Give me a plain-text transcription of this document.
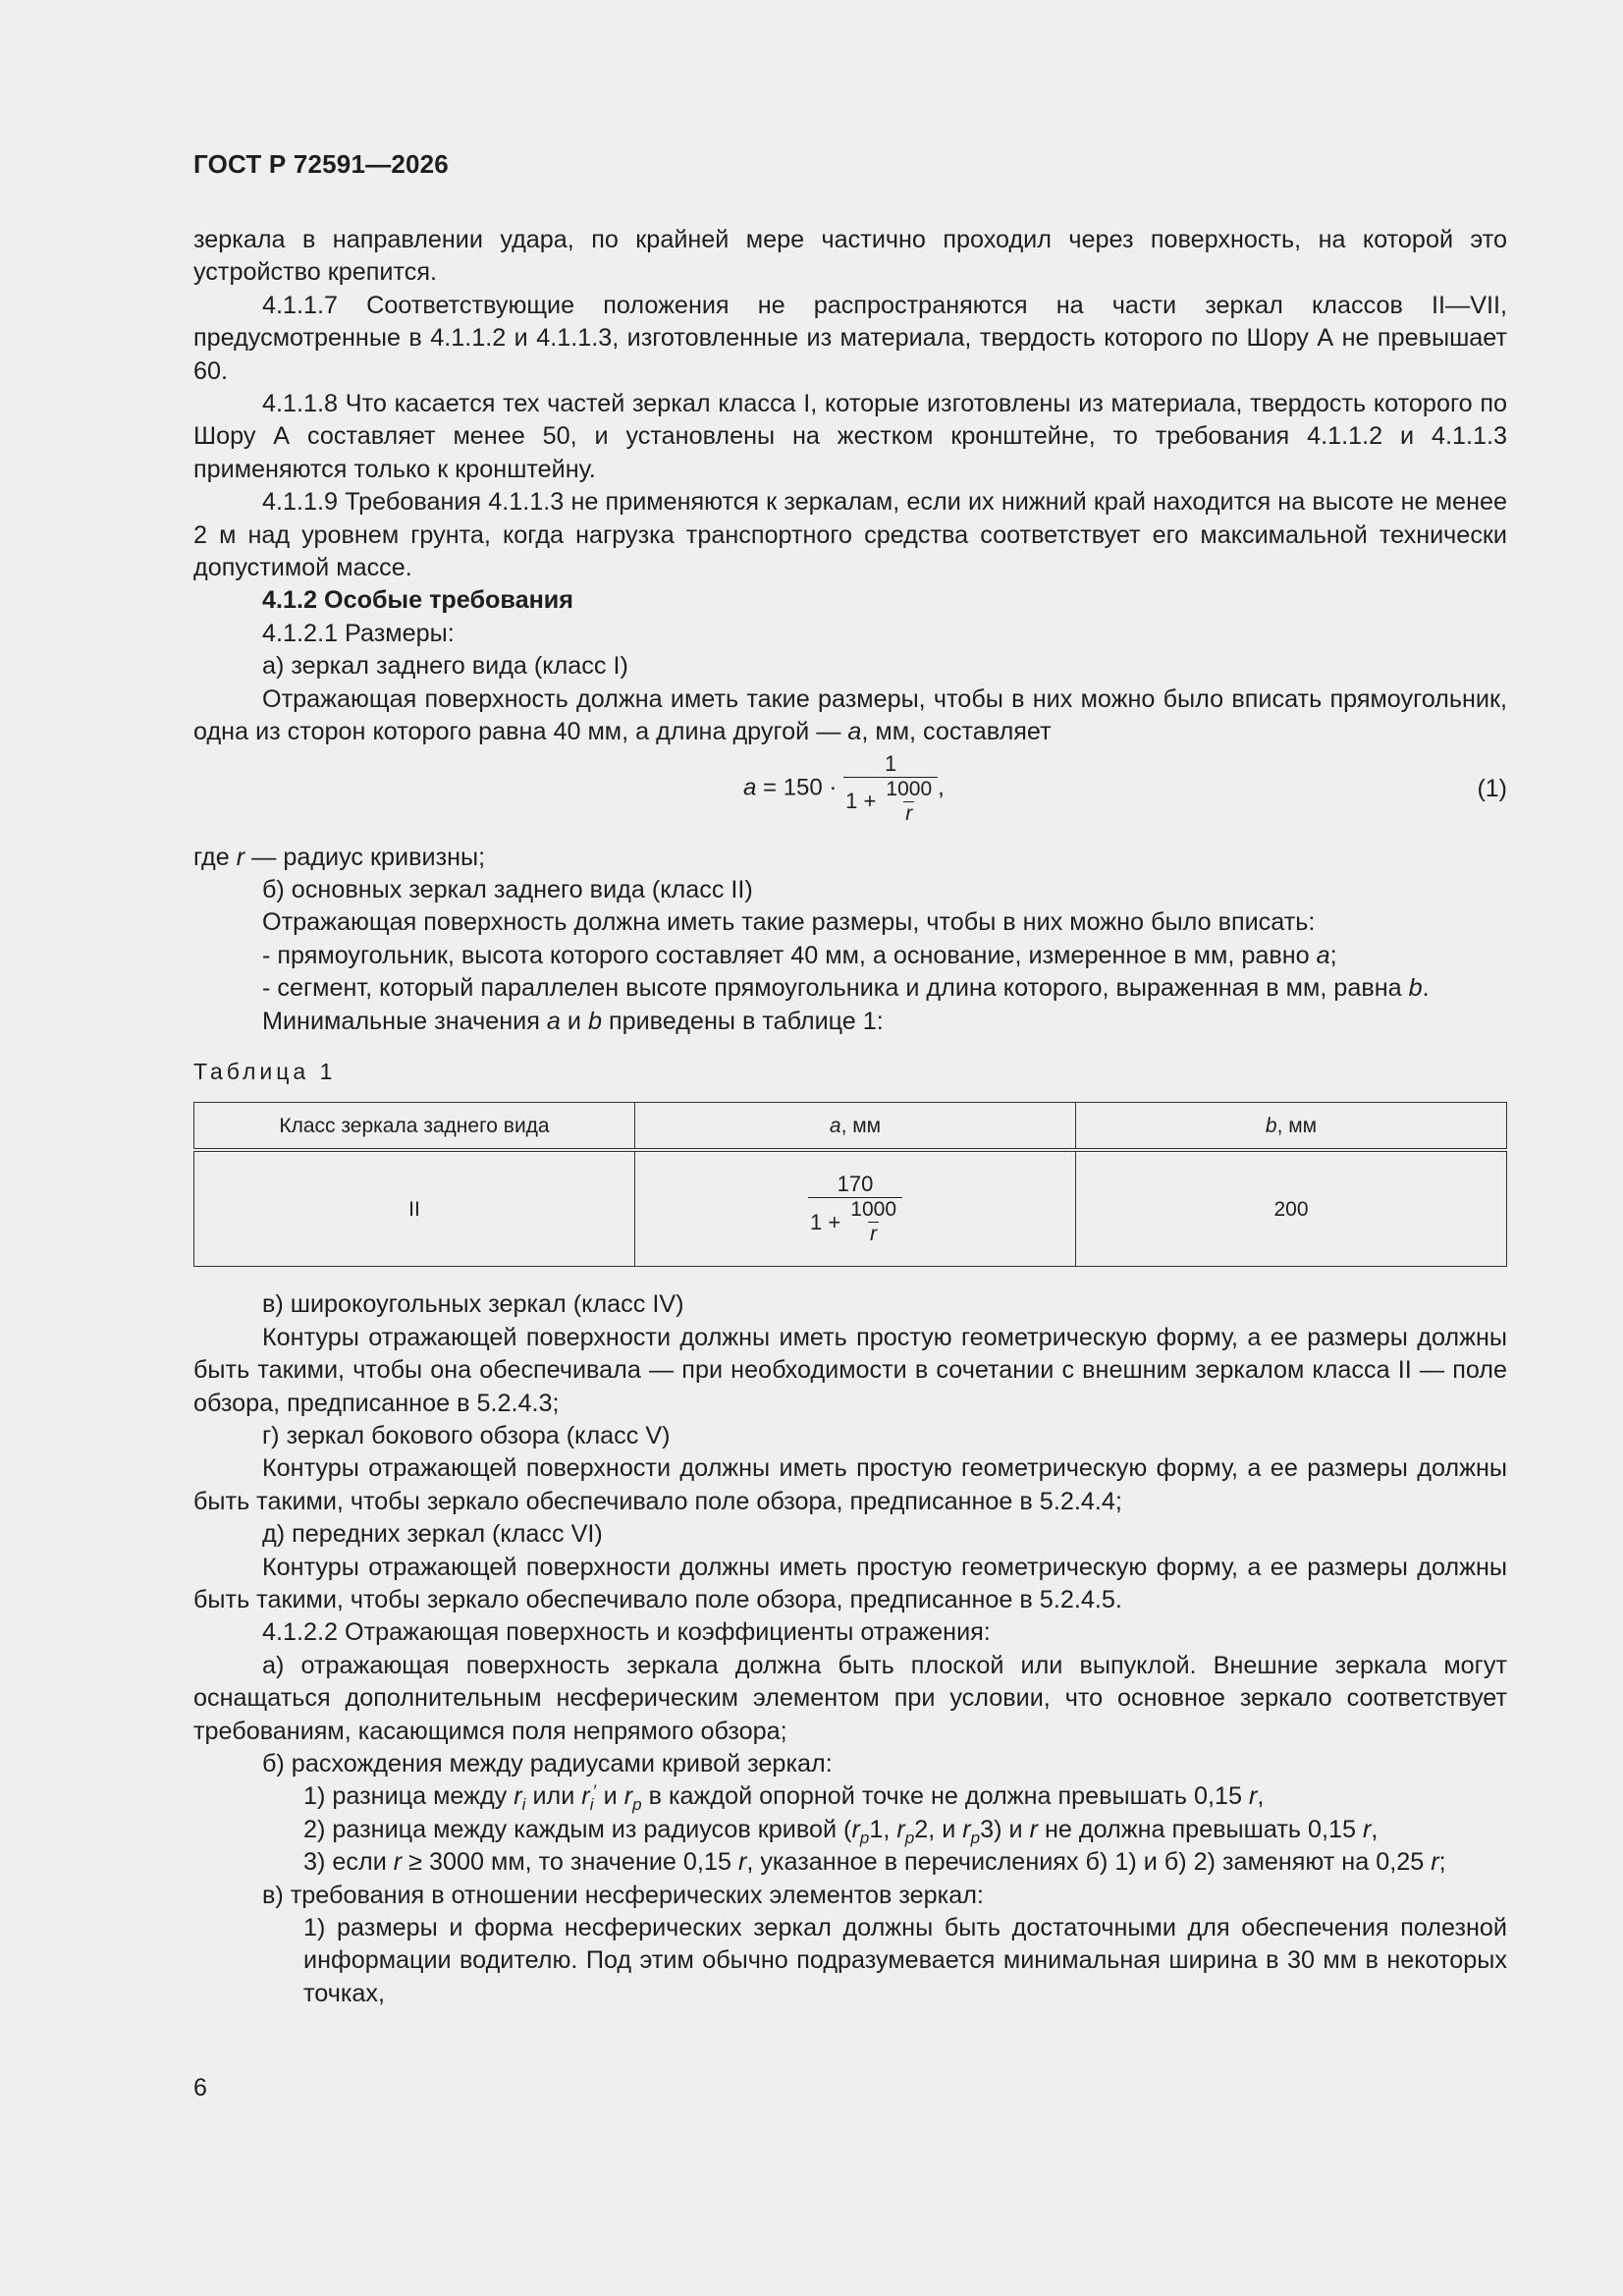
ГОСТ Р 72591—2026

зеркала в направлении удара, по крайней мере частично проходил через поверхность, на которой это устройство крепится.

4.1.1.7 Соответствующие положения не распространяются на части зеркал классов II—VII, предусмотренные в 4.1.1.2 и 4.1.1.3, изготовленные из материала, твердость которого по Шору А не превышает 60.

4.1.1.8 Что касается тех частей зеркал класса I, которые изготовлены из материала, твердость которого по Шору А составляет менее 50, и установлены на жестком кронштейне, то требования 4.1.1.2 и 4.1.1.3 применяются только к кронштейну.

4.1.1.9 Требования 4.1.1.3 не применяются к зеркалам, если их нижний край находится на высоте не менее 2 м над уровнем грунта, когда нагрузка транспортного средства соответствует его максимальной технически допустимой массе.

4.1.2 Особые требования

4.1.2.1 Размеры:

а) зеркал заднего вида (класс I)

Отражающая поверхность должна иметь такие размеры, чтобы в них можно было вписать прямоугольник, одна из сторон которого равна 40 мм, а длина другой — a, мм, составляет

$a = 150 \cdot \frac{1}{1 + \frac{1000}{r}}$ ,	(1)

где r — радиус кривизны;

б) основных зеркал заднего вида (класс II)

Отражающая поверхность должна иметь такие размеры, чтобы в них можно было вписать:

- прямоугольник, высота которого составляет 40 мм, а основание, измеренное в мм, равно a;

- сегмент, который параллелен высоте прямоугольника и длина которого, выраженная в мм, равна b.

Минимальные значения a и b приведены в таблице 1:

Таблица 1
Класс зеркала заднего вида	a, мм	b, мм
II	$\frac{170}{1 + \frac{1000}{r}}$	200

в) широкоугольных зеркал (класс IV)

Контуры отражающей поверхности должны иметь простую геометрическую форму, а ее размеры должны быть такими, чтобы она обеспечивала — при необходимости в сочетании с внешним зеркалом класса II — поле обзора, предписанное в 5.2.4.3;

г) зеркал бокового обзора (класс V)

Контуры отражающей поверхности должны иметь простую геометрическую форму, а ее размеры должны быть такими, чтобы зеркало обеспечивало поле обзора, предписанное в 5.2.4.4;

д) передних зеркал (класс VI)

Контуры отражающей поверхности должны иметь простую геометрическую форму, а ее размеры должны быть такими, чтобы зеркало обеспечивало поле обзора, предписанное в 5.2.4.5.

4.1.2.2 Отражающая поверхность и коэффициенты отражения:

а) отражающая поверхность зеркала должна быть плоской или выпуклой. Внешние зеркала могут оснащаться дополнительным несферическим элементом при условии, что основное зеркало соответствует требованиям, касающимся поля непрямого обзора;

б) расхождения между радиусами кривой зеркал:

1) разница между $r_i$ или $r_i'$ и $r_p$ в каждой опорной точке не должна превышать 0,15 r,

2) разница между каждым из радиусов кривой ($r_p1$, $r_p2$, и $r_p3$) и r не должна превышать 0,15 r,

3) если r ≥ 3000 мм, то значение 0,15 r, указанное в перечислениях б) 1) и б) 2) заменяют на 0,25 r;

в) требования в отношении несферических элементов зеркал:

1) размеры и форма несферических зеркал должны быть достаточными для обеспечения полезной информации водителю. Под этим обычно подразумевается минимальная ширина в 30 мм в некоторых точках,

6
